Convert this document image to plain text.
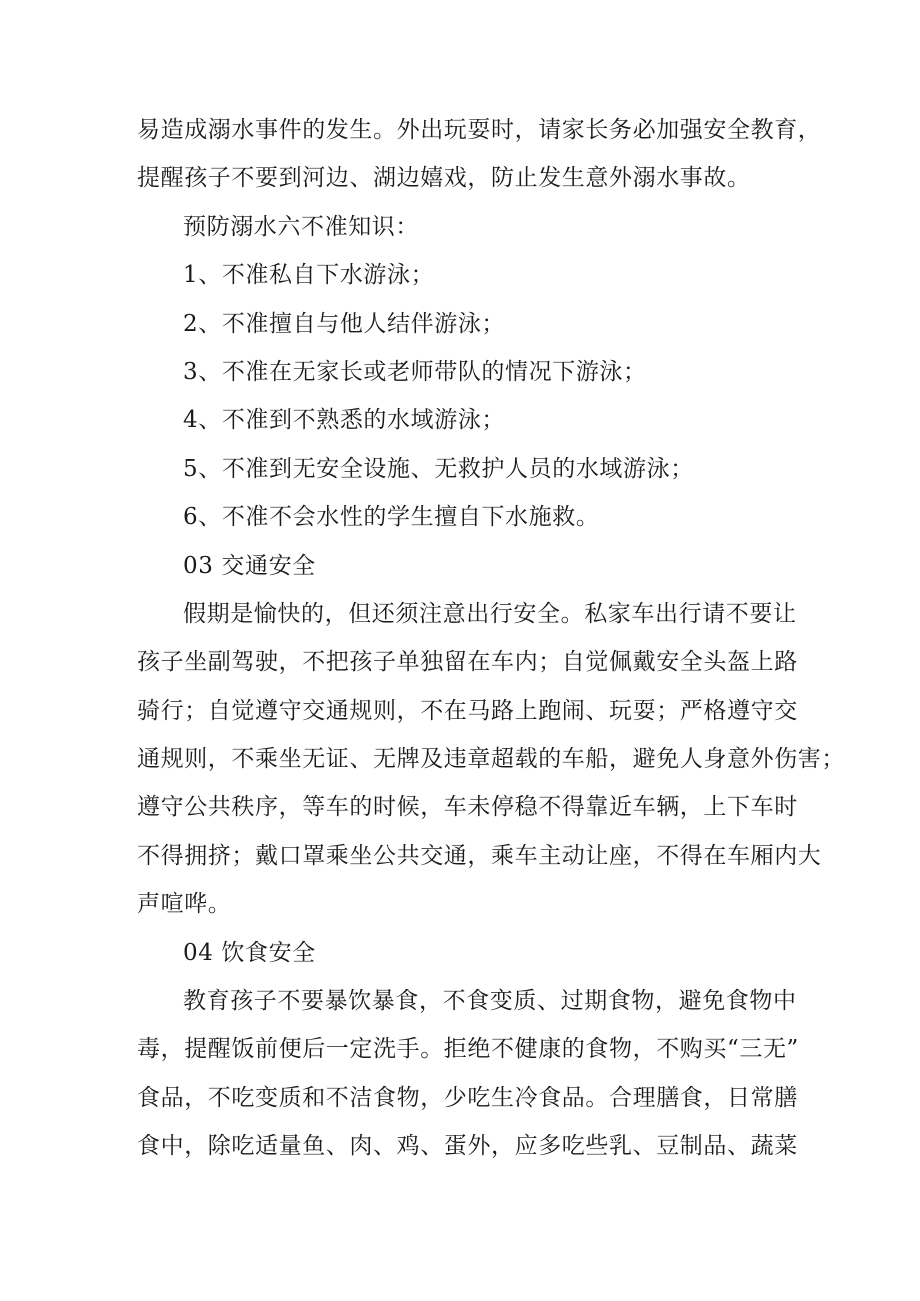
易造成溺水事件的发生。外出玩耍时，请家长务必加强安全教育，

提醒孩子不要到河边、湖边嬉戏，防止发生意外溺水事故。

预防溺水六不准知识：

1、不准私自下水游泳；

2、不准擅自与他人结伴游泳；

3、不准在无家长或老师带队的情况下游泳；

4、不准到不熟悉的水域游泳；

5、不准到无安全设施、无救护人员的水域游泳；

6、不准不会水性的学生擅自下水施救。

03 交通安全

假期是愉快的，但还须注意出行安全。私家车出行请不要让

孩子坐副驾驶，不把孩子单独留在车内；自觉佩戴安全头盔上路

骑行；自觉遵守交通规则，不在马路上跑闹、玩耍；严格遵守交

通规则，不乘坐无证、无牌及违章超载的车船，避免人身意外伤害；

遵守公共秩序，等车的时候，车未停稳不得靠近车辆，上下车时

不得拥挤；戴口罩乘坐公共交通，乘车主动让座，不得在车厢内大

声喧哗。

04 饮食安全

教育孩子不要暴饮暴食，不食变质、过期食物，避免食物中

毒，提醒饭前便后一定洗手。拒绝不健康的食物，不购买“三无”

食品，不吃变质和不洁食物，少吃生冷食品。合理膳食，日常膳

食中，除吃适量鱼、肉、鸡、蛋外，应多吃些乳、豆制品、蔬菜
